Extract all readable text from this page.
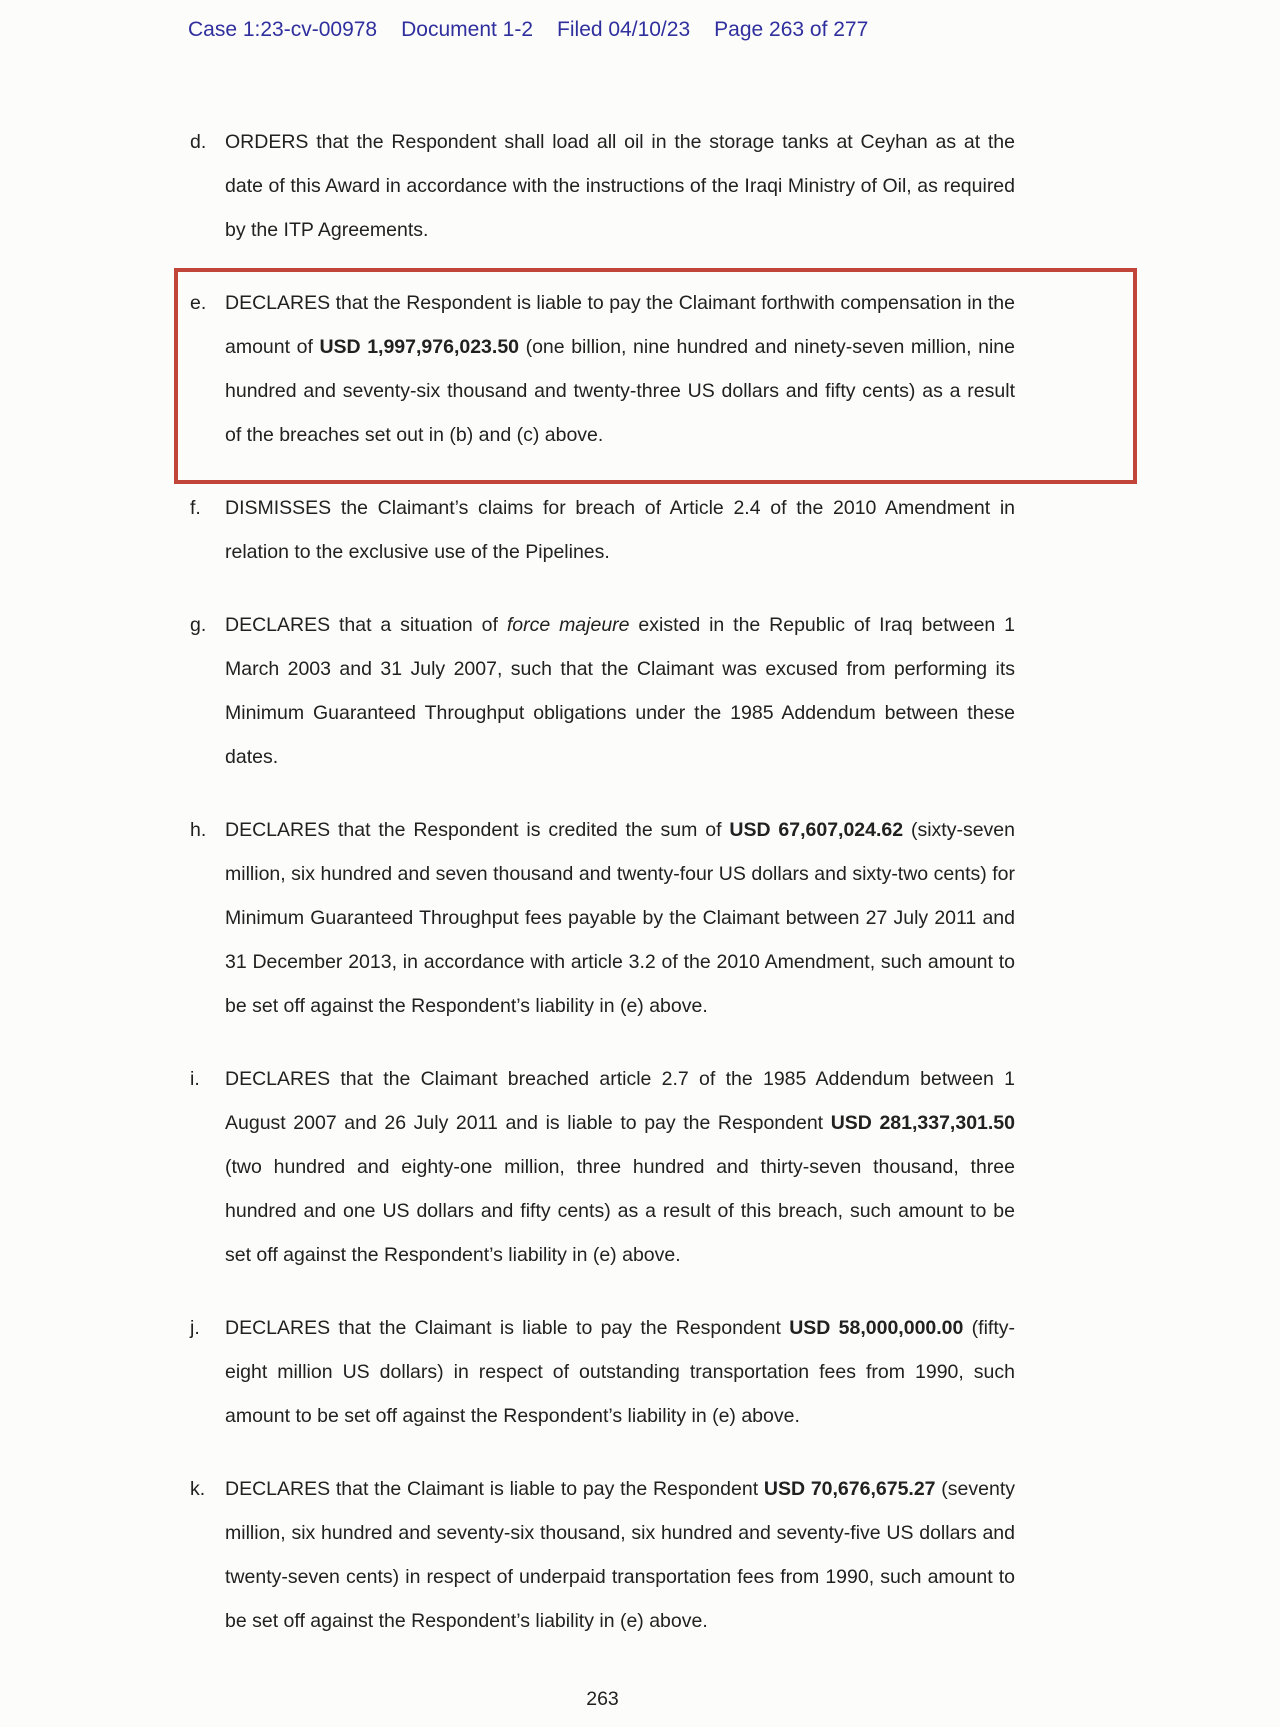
Case 1:23-cv-00978 Document 1-2 Filed 04/10/23 Page 263 of 277
d. ORDERS that the Respondent shall load all oil in the storage tanks at Ceyhan as at the date of this Award in accordance with the instructions of the Iraqi Ministry of Oil, as required by the ITP Agreements.
e. DECLARES that the Respondent is liable to pay the Claimant forthwith compensation in the amount of USD 1,997,976,023.50 (one billion, nine hundred and ninety-seven million, nine hundred and seventy-six thousand and twenty-three US dollars and fifty cents) as a result of the breaches set out in (b) and (c) above.
f.	DISMISSES the Claimant’s claims for breach of Article 2.4 of the 2010 Amendment in relation to the exclusive use of the Pipelines.
g. DECLARES that a situation of force majeure existed in the Republic of Iraq between 1 March 2003 and 31 July 2007, such that the Claimant was excused from performing its Minimum Guaranteed Throughput obligations under the 1985 Addendum between these dates.
h. DECLARES that the Respondent is credited the sum of USD 67,607,024.62 (sixty-seven million, six hundred and seven thousand and twenty-four US dollars and sixty-two cents) for Minimum Guaranteed Throughput fees payable by the Claimant between 27 July 2011 and 31 December 2013, in accordance with article 3.2 of the 2010 Amendment, such amount to be set off against the Respondent’s liability in (e) above.
i.	DECLARES that the Claimant breached article 2.7 of the 1985 Addendum between 1 August 2007 and 26 July 2011 and is liable to pay the Respondent USD 281,337,301.50 (two hundred and eighty-one million, three hundred and thirty-seven thousand, three hundred and one US dollars and fifty cents) as a result of this breach, such amount to be set off against the Respondent’s liability in (e) above.
j.	DECLARES that the Claimant is liable to pay the Respondent USD 58,000,000.00 (fifty-eight million US dollars) in respect of outstanding transportation fees from 1990, such amount to be set off against the Respondent’s liability in (e) above.
k.	DECLARES that the Claimant is liable to pay the Respondent USD 70,676,675.27 (seventy million, six hundred and seventy-six thousand, six hundred and seventy-five US dollars and twenty-seven cents) in respect of underpaid transportation fees from 1990, such amount to be set off against the Respondent’s liability in (e) above.
263
